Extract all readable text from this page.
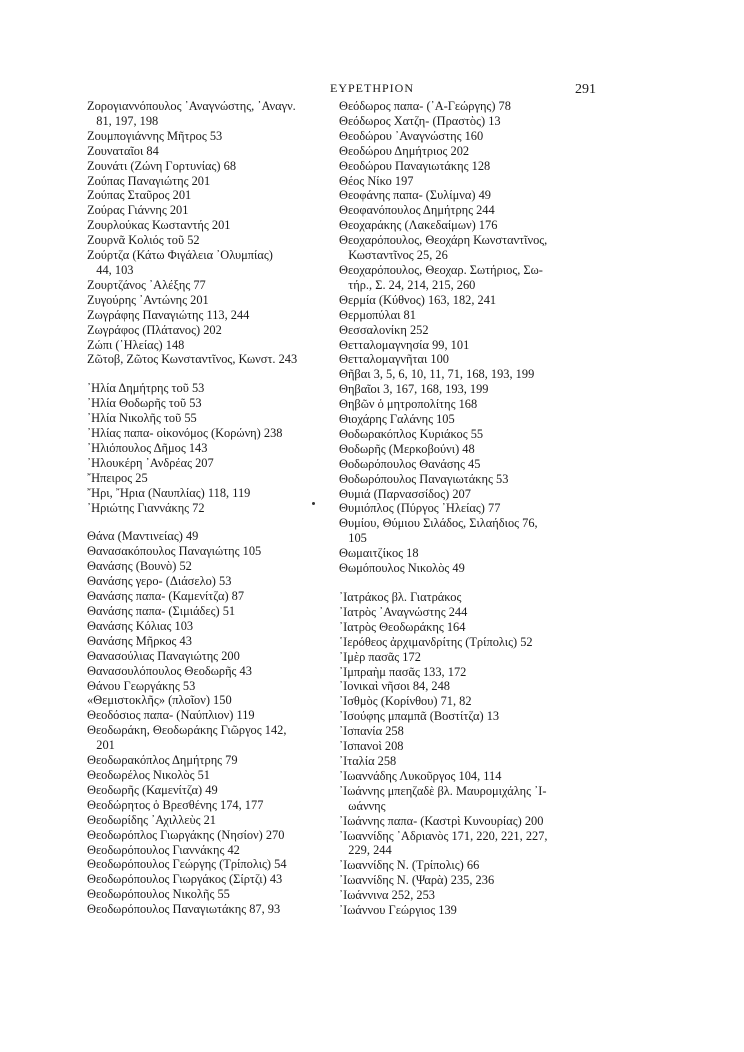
ΕΥΡΕΤΗΡΙΟΝ	291
Ζορογιαννόπουλος ᾿Αναγνώστης, ᾿Αναγν.
81, 197, 198
Ζουμπογιάννης Μῆτρος 53
Ζουναταῖοι 84
Ζουνάτι (Ζώνη Γορτυνίας) 68
Ζούπας Παναγιώτης 201
Ζούπας Σταῦρος 201
Ζούρας Γιάννης 201
Ζουρλούκας Κωσταντής 201
Ζουρνᾶ Κολιός τοῦ 52
Ζούρτζα (Κάτω Φιγάλεια ᾿Ολυμπίας)
44, 103
Ζουρτζάνος ᾿Αλέξης 77
Ζυγούρης ᾿Αντώνης 201
Ζωγράφης Παναγιώτης 113, 244
Ζωγράφος (Πλάτανος) 202
Ζώπι (᾿Ηλείας) 148
Ζῶτοβ, Ζῶτος Κωνσταντῖνος, Κωνστ. 243
᾿Ηλία Δημήτρης τοῦ 53
᾿Ηλία Θοδωρῆς τοῦ 53
᾿Ηλία Νικολῆς τοῦ 55
᾿Ηλίας παπα- οἰκονόμος (Κορώνη) 238
᾿Ηλιόπουλος Δῆμος 143
᾿Ηλουκέρη ᾿Ανδρέας 207
῎Ηπειρος 25
῎Ηρι, ῎Ηρια (Ναυπλίας) 118, 119
᾿Ηριώτης Γιαννάκης 72
Θάνα (Μαντινείας) 49
Θανασακόπουλος Παναγιώτης 105
Θανάσης (Βουνὸ) 52
Θανάσης γερο- (Διάσελο) 53
Θανάσης παπα- (Καμενίτζα) 87
Θανάσης παπα- (Σιμιάδες) 51
Θανάσης Κόλιας 103
Θανάσης Μῆρκος 43
Θανασούλιας Παναγιώτης 200
Θανασουλόπουλος Θεοδωρῆς 43
Θάνου Γεωργάκης 53
«Θεμιστοκλῆς» (πλοῖον) 150
Θεοδόσιος παπα- (Ναύπλιον) 119
Θεοδωράκη, Θεοδωράκης Γιῶργος 142,
201
Θεοδωρακόπλος Δημήτρης 79
Θεοδωρέλος Νικολὸς 51
Θεοδωρῆς (Καμενίτζα) 49
Θεοδώρητος ὁ Βρεσθένης 174, 177
Θεοδωρίδης ᾿Αχιλλεὺς 21
Θεοδωρόπλος Γιωργάκης (Νησίον) 270
Θεοδωρόπουλος Γιαννάκης 42
Θεοδωρόπουλος Γεώργης (Τρίπολις) 54
Θεοδωρόπουλος Γιωργάκος (Σίρτζι) 43
Θεοδωρόπουλος Νικολῆς 55
Θεοδωρόπουλος Παναγιωτάκης 87, 93
Θεόδωρος παπα- (᾿Α-Γεώργης) 78
Θεόδωρος Χατζη- (Πραστὸς) 13
Θεοδώρου ᾿Αναγνώστης 160
Θεοδώρου Δημήτριος 202
Θεοδώρου Παναγιωτάκης 128
Θέος Νίκο 197
Θεοφάνης παπα- (Συλίμνα) 49
Θεοφανόπουλος Δημήτρης 244
Θεοχαράκης (Λακεδαίμων) 176
Θεοχαρόπουλος, Θεοχάρη Κωνσταντῖνος,
Κωσταντῖνος 25, 26
Θεοχαρόπουλος, Θεοχαρ. Σωτήριος, Σω-
τήρ., Σ. 24, 214, 215, 260
Θερμία (Κύθνος) 163, 182, 241
Θερμοπύλαι 81
Θεσσαλονίκη 252
Θετταλομαγνησία 99, 101
Θετταλομαγνῆται 100
Θῆβαι 3, 5, 6, 10, 11, 71, 168, 193, 199
Θηβαῖοι 3, 167, 168, 193, 199
Θηβῶν ὁ μητροπολίτης 168
Θιοχάρης Γαλάνης 105
Θοδωρακόπλος Κυριάκος 55
Θοδωρῆς (Μερκοβούνι) 48
Θοδωρόπουλος Θανάσης 45
Θοδωρόπουλος Παναγιωτάκης 53
Θυμιά (Παρνασσίδος) 207
Θυμιόπλος (Πύργος ᾿Ηλείας) 77
Θυμίου, Θύμιου Σιλάδος, Σιλαήδιος 76,
105
Θωμαιτζίκος 18
Θωμόπουλος Νικολὸς 49
᾿Ιατράκος βλ. Γιατράκος
᾿Ιατρὸς ᾿Αναγνώστης 244
᾿Ιατρὸς Θεοδωράκης 164
῾Ιερόθεος ἀρχιμανδρίτης (Τρίπολις) 52
᾿Ιμὲρ πασᾶς 172
᾿Ιμπραὴμ πασᾶς 133, 172
᾿Ιονικαὶ νῆσοι 84, 248
᾿Ισθμὸς (Κορίνθου) 71, 82
᾿Ισούφης μπαμπᾶ (Βοστίτζα) 13
᾿Ισπανία 258
᾿Ισπανοὶ 208
᾿Ιταλία 258
᾿Ιωαννάδης Λυκοῦργος 104, 114
᾿Ιωάννης μπεηζαδὲ βλ. Μαυρομιχάλης ᾿Ι-
ωάννης
᾿Ιωάννης παπα- (Καστρὶ Κυνουρίας) 200
᾿Ιωαννίδης ᾿Αδριανὸς 171, 220, 221, 227,
229, 244
᾿Ιωαννίδης Ν. (Τρίπολις) 66
᾿Ιωαννίδης Ν. (Ψαρὰ) 235, 236
᾿Ιωάννινα 252, 253
᾿Ιωάννου Γεώργιος 139
